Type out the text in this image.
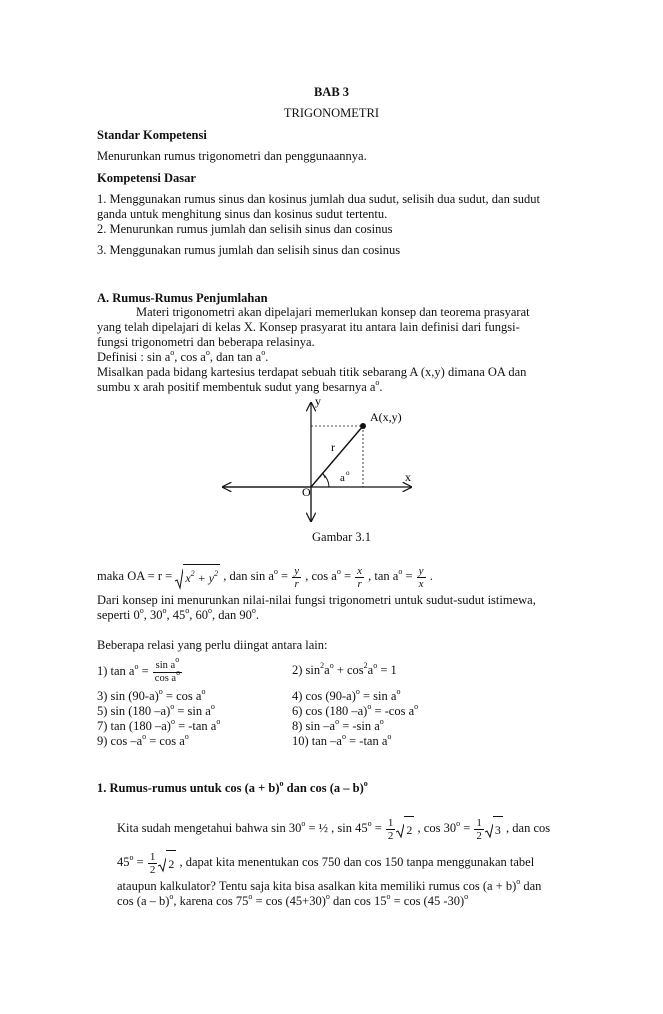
BAB 3
TRIGONOMETRI
Standar Kompetensi
Menurunkan rumus trigonometri dan penggunaannya.
Kompetensi Dasar
1. Menggunakan rumus sinus dan kosinus jumlah dua sudut, selisih dua sudut, dan sudut ganda untuk menghitung sinus dan kosinus sudut tertentu.
2. Menurunkan rumus jumlah dan selisih sinus dan cosinus
3. Menggunakan rumus jumlah dan selisih sinus dan cosinus
A. Rumus-Rumus Penjumlahan
Materi trigonometri akan dipelajari memerlukan konsep dan teorema prasyarat yang telah dipelajari di kelas X. Konsep prasyarat itu antara lain definisi dari fungsi-fungsi trigonometri dan beberapa relasinya.
Definisi : $\sin a^o$, $\cos a^o$, dan $\tan a^o$.
Misalkan pada bidang kartesius terdapat sebuah titik sebarang A (x,y) dimana OA dan
sumbu x arah positif membentuk sudut yang besarnya $a^o$.
y
x
A(x,y)
r
a o
O
Gambar 3.1
maka OA = $r = x^2 + y^2$ , dan $\sin a^o = \frac{y}{r}$ , $\cos a^o = \frac{x}{r}$ , $\tan a^o = \frac{y}{x}$ .
Dari konsep ini menurunkan nilai-nilai fungsi trigonometri untuk sudut-sudut istimewa,
seperti 0$^o$, 30$^o$, 45$^o$, 60$^o$, dan 90$^o$.
Beberapa relasi yang perlu diingat antara lain:
1) $\tan a^o = \frac{\sin a^o}{\cos a^o}$	2) $\sin^2a^o + \cos^2a^o = 1$
3) $\sin (90-a)^o = \cos a^o$	4) $\cos (90-a)^o = \sin a^o$
5) sin (180 $-a)^o = \sin a^o$	6) cos (180 –a)$^o$ = -cos $a^o$
7) tan (180 –a)$^o$ = -tan $a^o$	8) $\sin -a^o = -\sin$ $a^o$
9) $\cos -a^o = \cos a^o$	10) $\tan -a^o = -\tan$ $a^o$
1. Rumus-rumus untuk $\cos (a + b)^o$ dan cos (a – b)$^o$
Kita sudah mengetahui bahwa $\sin 30^o$ = ½ , $\sin 45^o = \frac{1}{2} 2$ , $\cos 30^o = \frac{1}{2} 3$ , dan cos
$45^o = \frac{1}{2} 2$ , dapat kita menentukan cos 750 dan cos 150 tanpa menggunakan tabel
ataupun kalkulator? Tentu saja kita bisa asalkan kita memiliki rumus $\cos (a + b)^o$ dan
cos (a – b)$^o$, karena $\cos 75^o = \cos (45+30)^o$ dan $\cos 15^o = \cos (45$ -30)$^o$
